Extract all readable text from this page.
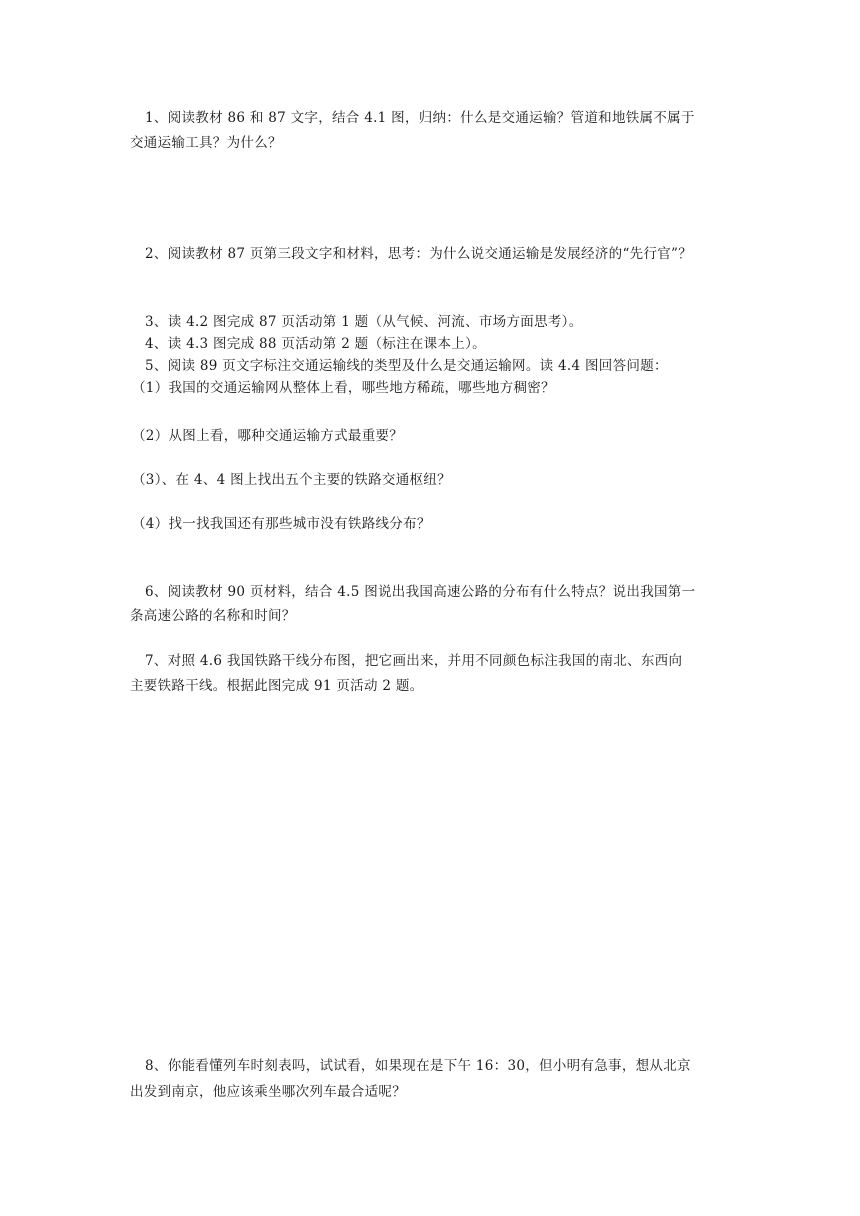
1、阅读教材 86 和 87 文字，结合 4.1 图，归纳：什么是交通运输？管道和地铁属不属于
交通运输工具？为什么？
2、阅读教材 87 页第三段文字和材料，思考：为什么说交通运输是发展经济的“先行官”？
3、读 4.2 图完成 87 页活动第 1 题（从气候、河流、市场方面思考）。
4、读 4.3 图完成 88 页活动第 2 题（标注在课本上）。
5、阅读 89 页文字标注交通运输线的类型及什么是交通运输网。读 4.4 图回答问题：
（1）我国的交通运输网从整体上看，哪些地方稀疏，哪些地方稠密？
（2）从图上看，哪种交通运输方式最重要？
（3）、在 4、4 图上找出五个主要的铁路交通枢纽？
（4）找一找我国还有那些城市没有铁路线分布？
6、阅读教材 90 页材料，结合 4.5 图说出我国高速公路的分布有什么特点？说出我国第一
条高速公路的名称和时间？
7、对照 4.6 我国铁路干线分布图，把它画出来，并用不同颜色标注我国的南北、东西向
主要铁路干线。根据此图完成 91 页活动 2 题。
8、你能看懂列车时刻表吗，试试看，如果现在是下午 16：30，但小明有急事，想从北京
出发到南京，他应该乘坐哪次列车最合适呢？
